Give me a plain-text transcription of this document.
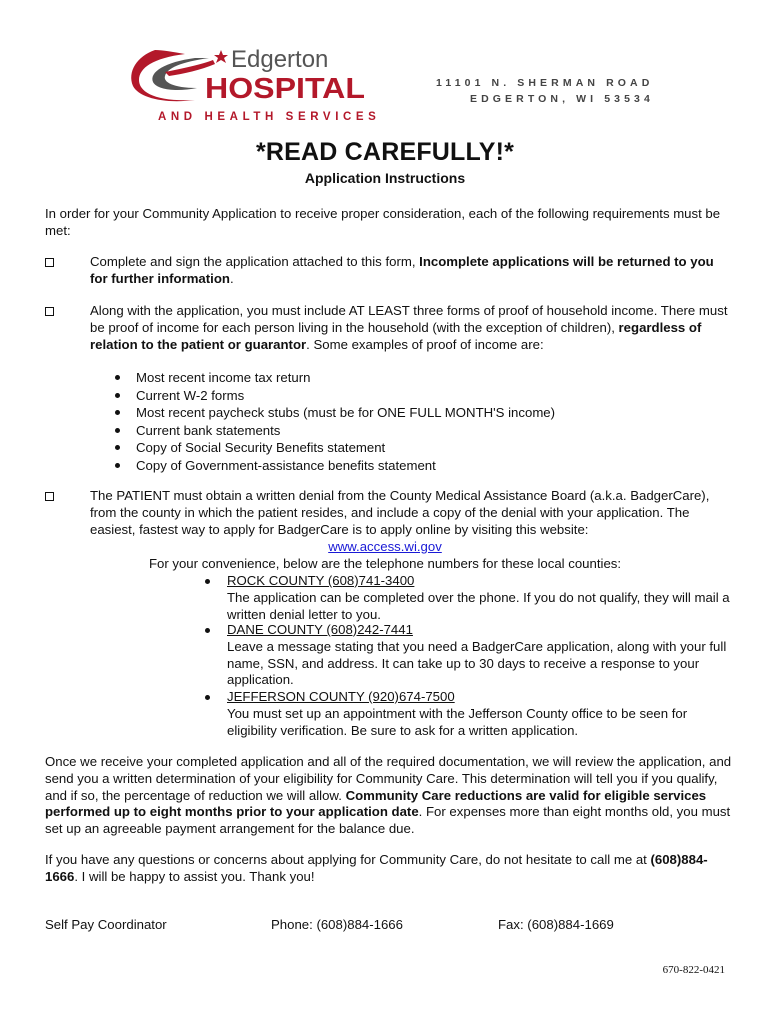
Edgerton
HOSPITAL	11101 N. SHERMAN ROAD
EDGERTON, WI 53534
AND HEALTH SERVICES
*READ CAREFULLY!*
Application Instructions
In order for your Community Application to receive proper consideration, each of the following requirements must be met:
Complete and sign the application attached to this form, Incomplete applications will be returned to you for further information.
Along with the application, you must include AT LEAST three forms of proof of household income. There must be proof of income for each person living in the household (with the exception of children), regardless of relation to the patient or guarantor. Some examples of proof of income are:
Most recent income tax return
Current W-2 forms
Most recent paycheck stubs (must be for ONE FULL MONTH'S income)
Current bank statements
Copy of Social Security Benefits statement
Copy of Government-assistance benefits statement
The PATIENT must obtain a written denial from the County Medical Assistance Board (a.k.a. BadgerCare), from the county in which the patient resides, and include a copy of the denial with your application. The easiest, fastest way to apply for BadgerCare is to apply online by visiting this website:
www.access.wi.gov
For your convenience, below are the telephone numbers for these local counties:
ROCK COUNTY (608)741-3400
The application can be completed over the phone. If you do not qualify, they will mail a written denial letter to you.
DANE COUNTY (608)242-7441
Leave a message stating that you need a BadgerCare application, along with your full name, SSN, and address. It can take up to 30 days to receive a response to your application.
JEFFERSON COUNTY (920)674-7500
You must set up an appointment with the Jefferson County office to be seen for eligibility verification. Be sure to ask for a written application.
Once we receive your completed application and all of the required documentation, we will review the application, and send you a written determination of your eligibility for Community Care. This determination will tell you if you qualify, and if so, the percentage of reduction we will allow. Community Care reductions are valid for eligible services performed up to eight months prior to your application date. For expenses more than eight months old, you must set up an agreeable payment arrangement for the balance due.
If you have any questions or concerns about applying for Community Care, do not hesitate to call me at (608)884-1666. I will be happy to assist you. Thank you!
Self Pay Coordinator	Phone: (608)884-1666	Fax: (608)884-1669
670-822-0421
